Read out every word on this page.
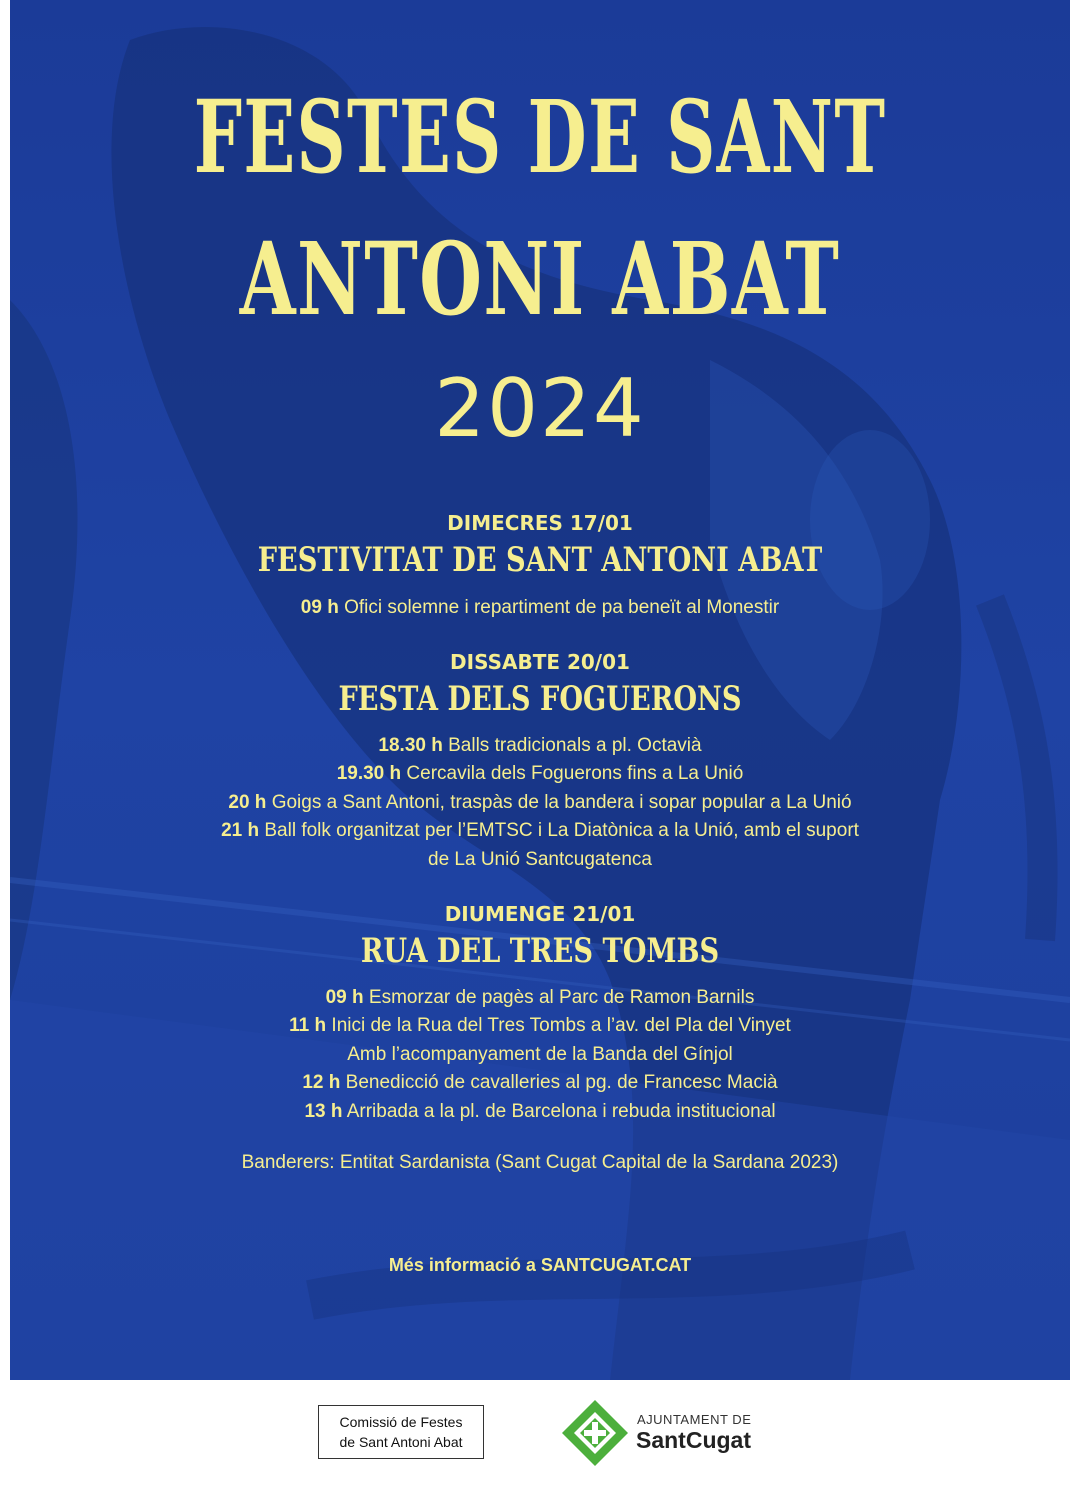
FESTES DE SANT
ANTONI ABAT
2024
DIMECRES 17/01
FESTIVITAT DE SANT ANTONI ABAT
09 h Ofici solemne i repartiment de pa beneït al Monestir
DISSABTE 20/01
FESTA DELS FOGUERONS
18.30 h Balls tradicionals a pl. Octavià
19.30 h Cercavila dels Foguerons fins a La Unió
20 h Goigs a Sant Antoni, traspàs de la bandera i sopar popular a La Unió
21 h Ball folk organitzat per l’EMTSC i La Diatònica a la Unió, amb el suport
de La Unió Santcugatenca
DIUMENGE 21/01
RUA DEL TRES TOMBS
09 h Esmorzar de pagès al Parc de Ramon Barnils
11 h Inici de la Rua del Tres Tombs a l’av. del Pla del Vinyet
Amb l’acompanyament de la Banda del Gínjol
12 h Benedicció de cavalleries al pg. de Francesc Macià
13 h Arribada a la pl. de Barcelona i rebuda institucional
Banderers: Entitat Sardanista (Sant Cugat Capital de la Sardana 2023)
Més informació a SANTCUGAT.CAT
Comissió de Festes
de Sant Antoni Abat
AJUNTAMENT DE
SantCugat
